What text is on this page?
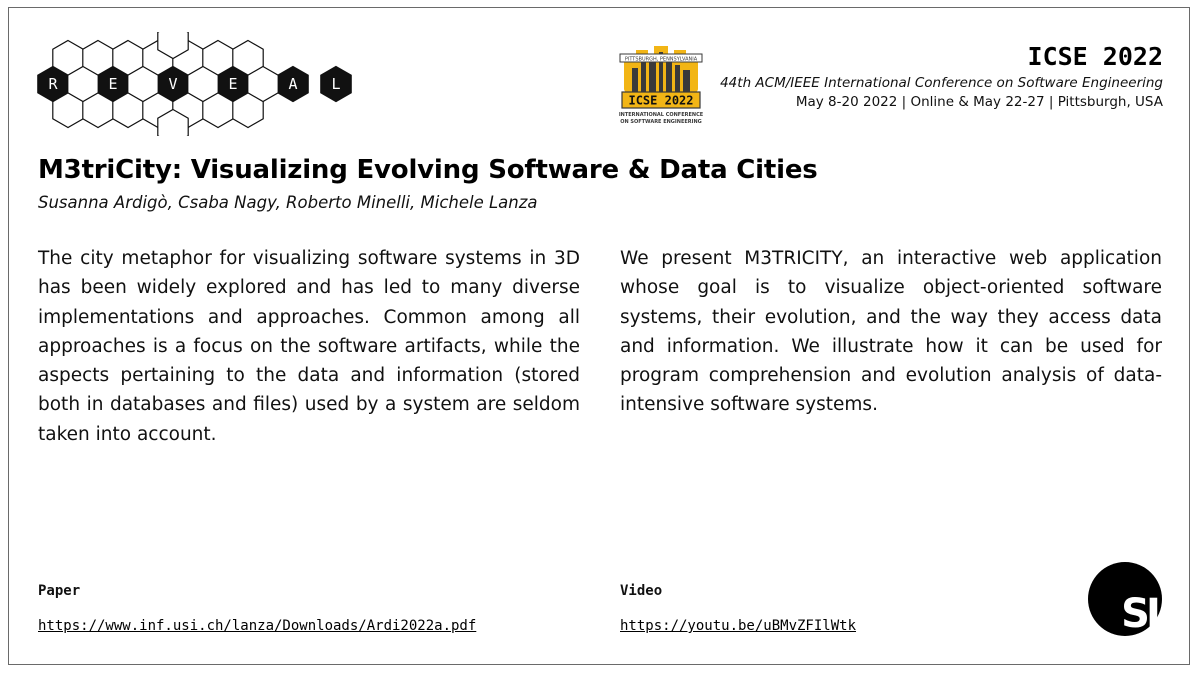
R	E	V	E	A L
PITTSBURGH, PENNSYLVANIA
ICSE 2022
INTERNATIONAL CONFERENCE
ON SOFTWARE ENGINEERING
ICSE 2022
44th ACM/IEEE International Conference on Software Engineering
May 8-20 2022 | Online & May 22-27 | Pittsburgh, USA
M3triCity: Visualizing Evolving Software & Data Cities
Susanna Ardigò, Csaba Nagy, Roberto Minelli, Michele Lanza
The city metaphor for visualizing software systems in 3D has been widely explored and has led to many diverse implementations and approaches. Common among all approaches is a focus on the software artifacts, while the aspects pertaining to the data and information (stored both in databases and files) used by a system are seldom taken into account.
We present M3TRICITY, an interactive web application whose goal is to visualize object-oriented software systems, their evolution, and the way they access data and information. We illustrate how it can be used for program comprehension and evolution analysis of data-intensive software systems.
Paper
https://www.inf.usi.ch/lanza/Downloads/Ardi2022a.pdf
Video
https://youtu.be/uBMvZFIlWtk	SI
